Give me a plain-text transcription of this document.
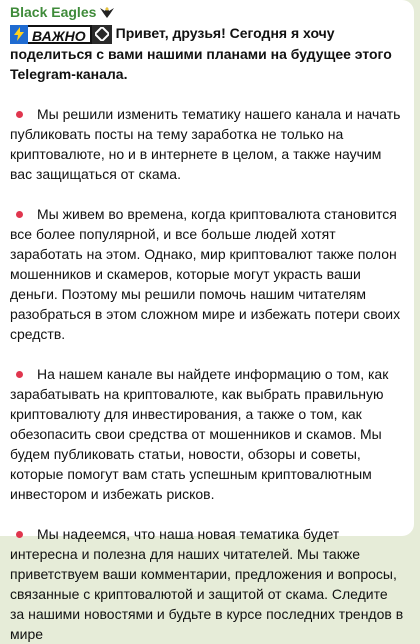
Black Eagles
ВАЖНО	Привет, друзья! Сегодня я хочу поделиться с вами нашими планами на будущее этого Telegram-канала.
Мы решили изменить тематику нашего канала и начать публиковать посты на тему заработка не только на криптовалюте, но и в интернете в целом, а также научим вас защищаться от скама.
Мы живем во времена, когда криптовалюта становится все более популярной, и все больше людей хотят заработать на этом. Однако, мир криптовалют также полон мошенников и скамеров, которые могут украсть ваши деньги. Поэтому мы решили помочь нашим читателям разобраться в этом сложном мире и избежать потери своих средств.
На нашем канале вы найдете информацию о том, как зарабатывать на криптовалюте, как выбрать правильную криптовалюту для инвестирования, а также о том, как обезопасить свои средства от мошенников и скамов. Мы будем публиковать статьи, новости, обзоры и советы, которые помогут вам стать успешным криптовалютным инвестором и избежать рисков.
Мы надеемся, что наша новая тематика будет интересна и полезна для наших читателей. Мы также приветствуем ваши комментарии, предложения и вопросы, связанные с криптовалютой и защитой от скама. Следите за нашими новостями и будьте в курсе последних трендов в мире
